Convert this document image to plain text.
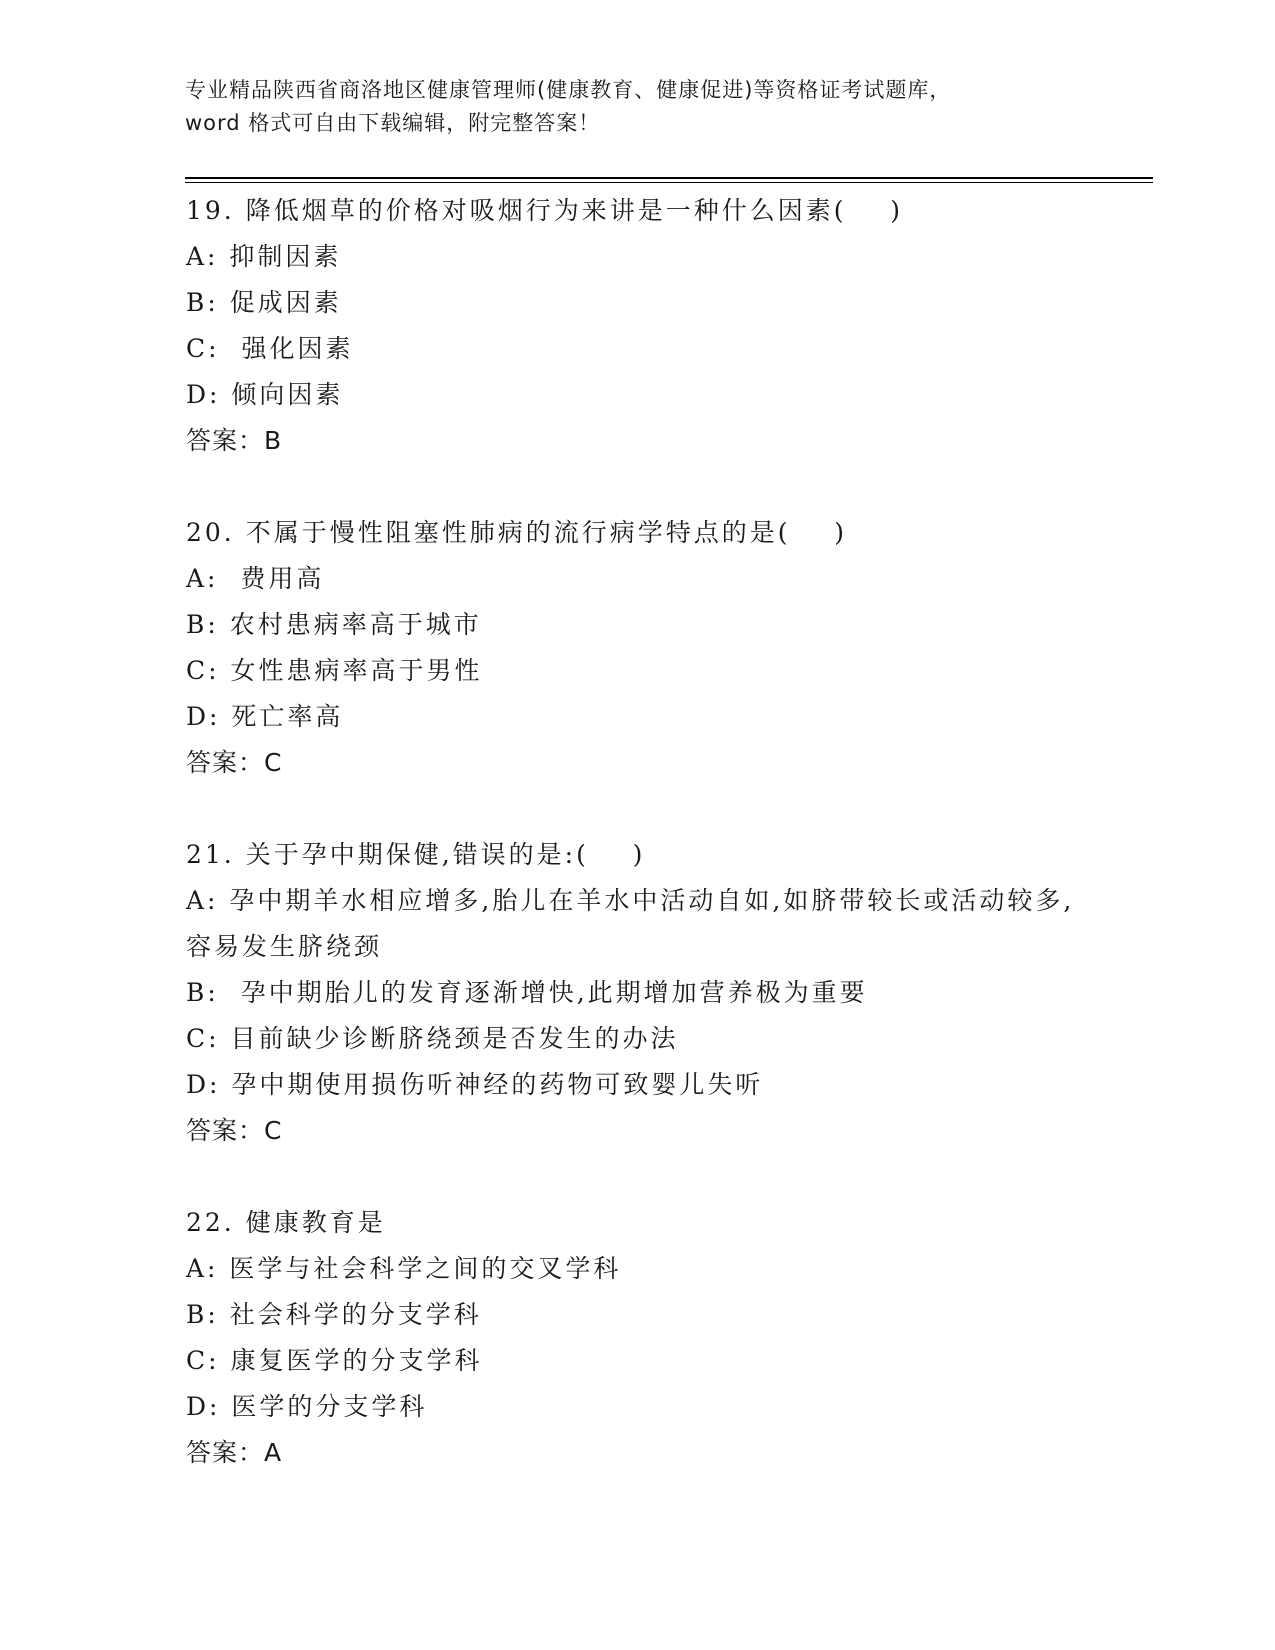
专业精品陕西省商洛地区健康管理师(健康教育、健康促进)等资格证考试题库，
word 格式可自由下载编辑，附完整答案！
19. 降低烟草的价格对吸烟行为来讲是一种什么因素(    )
A: 抑制因素
B: 促成因素
C:  强化因素
D: 倾向因素
答案：B
20. 不属于慢性阻塞性肺病的流行病学特点的是(    )
A:  费用高
B: 农村患病率高于城市
C: 女性患病率高于男性
D: 死亡率高
答案：C
21. 关于孕中期保健,错误的是:(    )
A: 孕中期羊水相应增多,胎儿在羊水中活动自如,如脐带较长或活动较多,容易发生脐绕颈
B:  孕中期胎儿的发育逐渐增快,此期增加营养极为重要
C: 目前缺少诊断脐绕颈是否发生的办法
D: 孕中期使用损伤听神经的药物可致婴儿失听
答案：C
22. 健康教育是
A: 医学与社会科学之间的交叉学科
B: 社会科学的分支学科
C: 康复医学的分支学科
D: 医学的分支学科
答案：A
